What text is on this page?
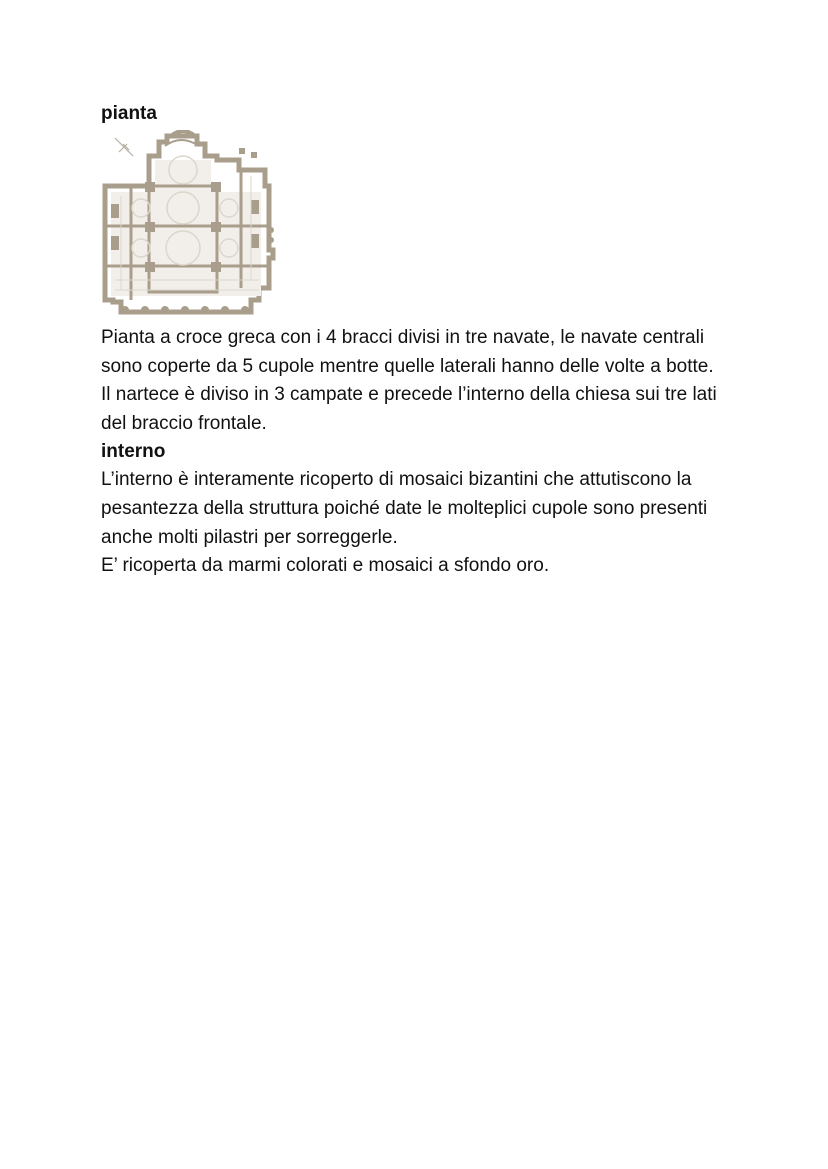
pianta

Pianta a croce greca con i 4 bracci divisi in tre navate, le navate centrali sono coperte da 5 cupole mentre quelle laterali hanno delle volte a botte.

Il nartece è diviso in 3 campate e precede l’interno della chiesa sui tre lati del braccio frontale.

interno

L’interno è interamente ricoperto di mosaici bizantini che attutiscono la pesantezza della struttura poiché date le molteplici cupole sono presenti anche molti pilastri per sorreggerle.

E’ ricoperta da marmi colorati e mosaici a sfondo oro.
